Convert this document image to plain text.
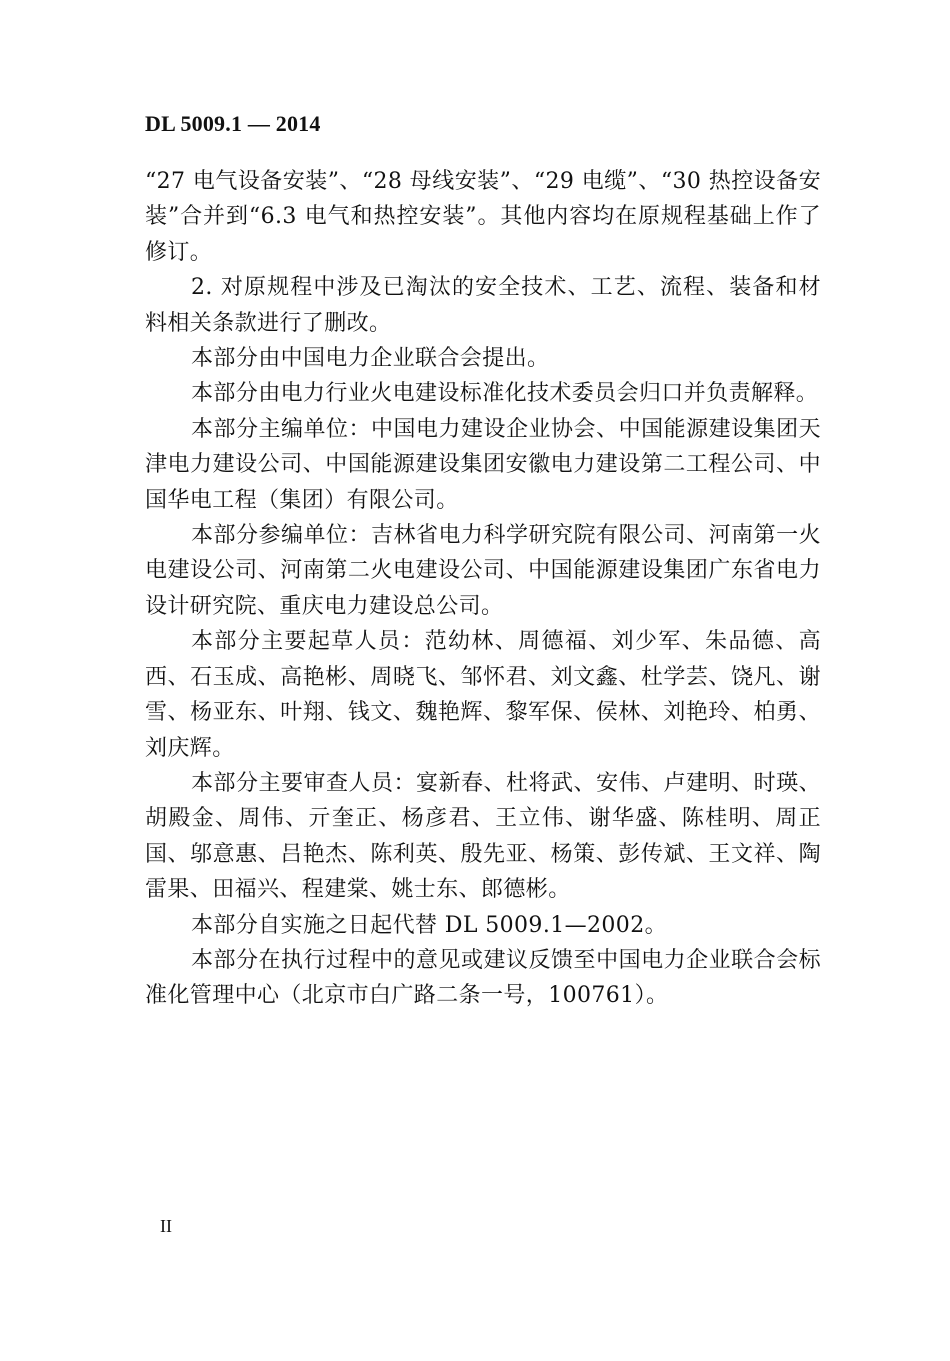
DL 5009.1 — 2014

“27 电气设备安装”、“28 母线安装”、“29 电缆”、“30 热控设备安装”合并到“6.3 电气和热控安装”。其他内容均在原规程基础上作了修订。

2. 对原规程中涉及已淘汰的安全技术、工艺、流程、装备和材料相关条款进行了删改。

本部分由中国电力企业联合会提出。

本部分由电力行业火电建设标准化技术委员会归口并负责解释。

本部分主编单位：中国电力建设企业协会、中国能源建设集团天津电力建设公司、中国能源建设集团安徽电力建设第二工程公司、中国华电工程（集团）有限公司。

本部分参编单位：吉林省电力科学研究院有限公司、河南第一火电建设公司、河南第二火电建设公司、中国能源建设集团广东省电力设计研究院、重庆电力建设总公司。

本部分主要起草人员：范幼林、周德福、刘少军、朱品德、高西、石玉成、高艳彬、周晓飞、邹怀君、刘文鑫、杜学芸、饶凡、谢雪、杨亚东、叶翔、钱文、魏艳辉、黎军保、侯林、刘艳玲、柏勇、刘庆辉。

本部分主要审查人员：宴新春、杜将武、安伟、卢建明、时瑛、胡殿金、周伟、亓奎正、杨彦君、王立伟、谢华盛、陈桂明、周正国、邬意惠、吕艳杰、陈利英、殷先亚、杨策、彭传斌、王文祥、陶雷果、田福兴、程建棠、姚士东、郎德彬。

本部分自实施之日起代替 DL 5009.1—2002。

本部分在执行过程中的意见或建议反馈至中国电力企业联合会标准化管理中心（北京市白广路二条一号，100761）。

II
